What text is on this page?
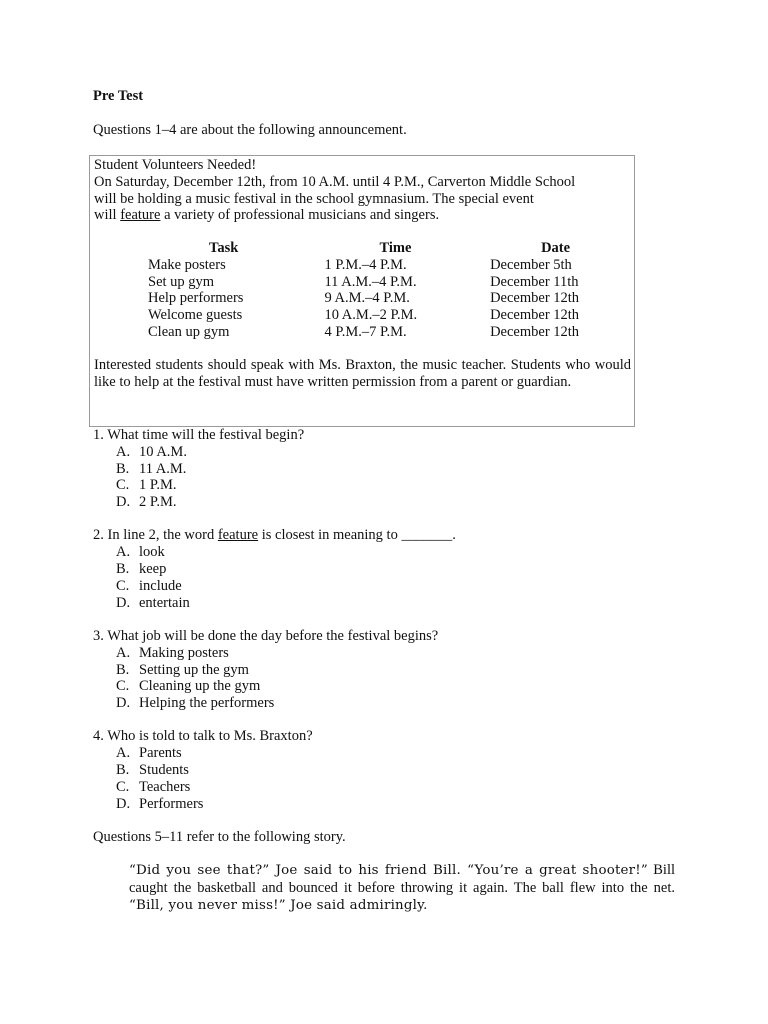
Pre Test
Questions 1–4 are about the following announcement.

Student Volunteers Needed!

On Saturday, December 12th, from 10 A.M. until 4 P.M., Carverton Middle School

will be holding a music festival in the school gymnasium. The special event

will feature a variety of professional musicians and singers.

Task	Time	Date
Make posters	1 P.M.–4 P.M.	December 5th
Set up gym	11 A.M.–4 P.M.	December 11th
Help performers	9 A.M.–4 P.M.	December 12th
Welcome guests	10 A.M.–2 P.M.	December 12th
Clean up gym	4 P.M.–7 P.M.	December 12th
Interested students should speak with Ms. Braxton, the music teacher. Students who would like to help at the festival must have written permission from a parent or guardian.

1. What time will the festival begin?

A. 10 A.M.
B. 11 A.M.
C. 1 P.M.
D. 2 P.M.

2. In line 2, the word feature is closest in meaning to _______.

A. look
B. keep
C. include
D. entertain

3. What job will be done the day before the festival begins?

A. Making posters
B. Setting up the gym
C. Cleaning up the gym
D. Helping the performers

4. Who is told to talk to Ms. Braxton?

A. Parents
B. Students
C. Teachers
D. Performers
Questions 5–11 refer to the following story.
“Did you see that?” Joe said to his friend Bill. “You’re a great shooter!” Bill caught the basketball and bounced it before throwing it again. The ball flew into the net. “Bill, you never miss!” Joe said admiringly.
